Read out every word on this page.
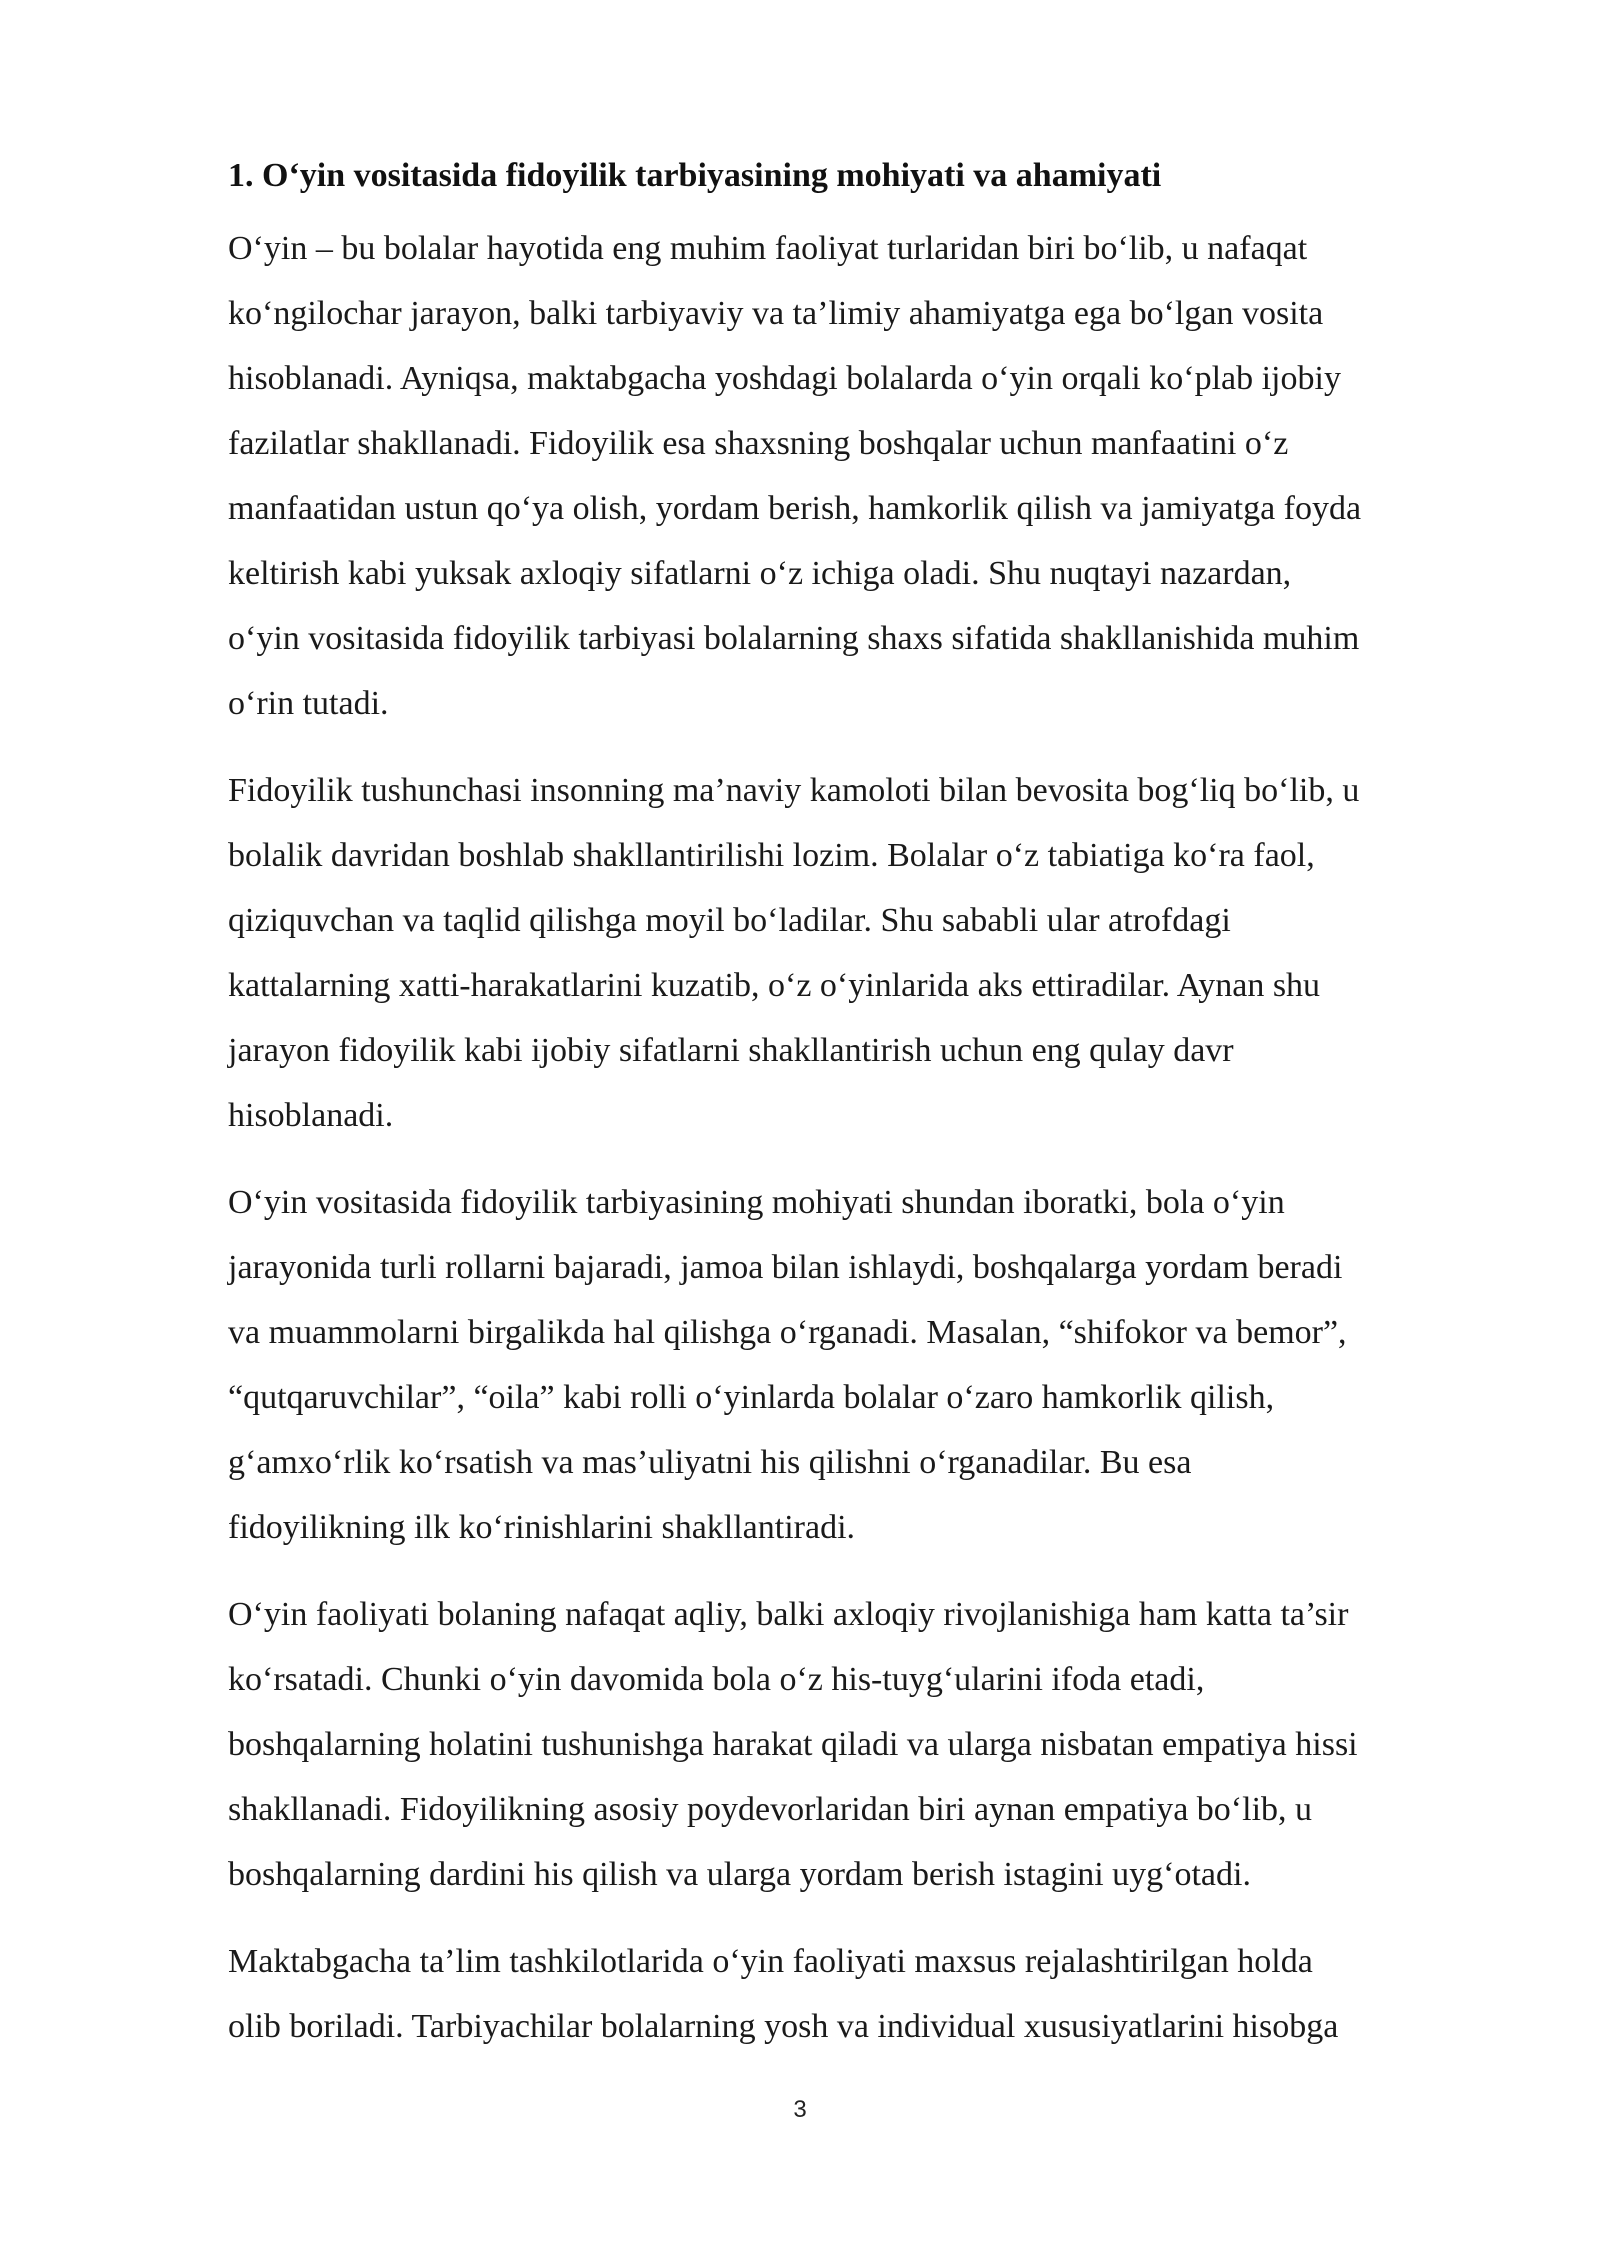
1. O‘yin vositasida fidoyilik tarbiyasining mohiyati va ahamiyati

O‘yin – bu bolalar hayotida eng muhim faoliyat turlaridan biri bo‘lib, u nafaqat
ko‘ngilochar jarayon, balki tarbiyaviy va ta’limiy ahamiyatga ega bo‘lgan vosita
hisoblanadi. Ayniqsa, maktabgacha yoshdagi bolalarda o‘yin orqali ko‘plab ijobiy
fazilatlar shakllanadi. Fidoyilik esa shaxsning boshqalar uchun manfaatini o‘z
manfaatidan ustun qo‘ya olish, yordam berish, hamkorlik qilish va jamiyatga foyda
keltirish kabi yuksak axloqiy sifatlarni o‘z ichiga oladi. Shu nuqtayi nazardan,
o‘yin vositasida fidoyilik tarbiyasi bolalarning shaxs sifatida shakllanishida muhim
o‘rin tutadi.

Fidoyilik tushunchasi insonning ma’naviy kamoloti bilan bevosita bog‘liq bo‘lib, u
bolalik davridan boshlab shakllantirilishi lozim. Bolalar o‘z tabiatiga ko‘ra faol,
qiziquvchan va taqlid qilishga moyil bo‘ladilar. Shu sababli ular atrofdagi
kattalarning xatti-harakatlarini kuzatib, o‘z o‘yinlarida aks ettiradilar. Aynan shu
jarayon fidoyilik kabi ijobiy sifatlarni shakllantirish uchun eng qulay davr
hisoblanadi.

O‘yin vositasida fidoyilik tarbiyasining mohiyati shundan iboratki, bola o‘yin
jarayonida turli rollarni bajaradi, jamoa bilan ishlaydi, boshqalarga yordam beradi
va muammolarni birgalikda hal qilishga o‘rganadi. Masalan, “shifokor va bemor”,
“qutqaruvchilar”, “oila” kabi rolli o‘yinlarda bolalar o‘zaro hamkorlik qilish,
g‘amxo‘rlik ko‘rsatish va mas’uliyatni his qilishni o‘rganadilar. Bu esa
fidoyilikning ilk ko‘rinishlarini shakllantiradi.

O‘yin faoliyati bolaning nafaqat aqliy, balki axloqiy rivojlanishiga ham katta ta’sir
ko‘rsatadi. Chunki o‘yin davomida bola o‘z his-tuyg‘ularini ifoda etadi,
boshqalarning holatini tushunishga harakat qiladi va ularga nisbatan empatiya hissi
shakllanadi. Fidoyilikning asosiy poydevorlaridan biri aynan empatiya bo‘lib, u
boshqalarning dardini his qilish va ularga yordam berish istagini uyg‘otadi.

Maktabgacha ta’lim tashkilotlarida o‘yin faoliyati maxsus rejalashtirilgan holda
olib boriladi. Tarbiyachilar bolalarning yosh va individual xususiyatlarini hisobga

3
